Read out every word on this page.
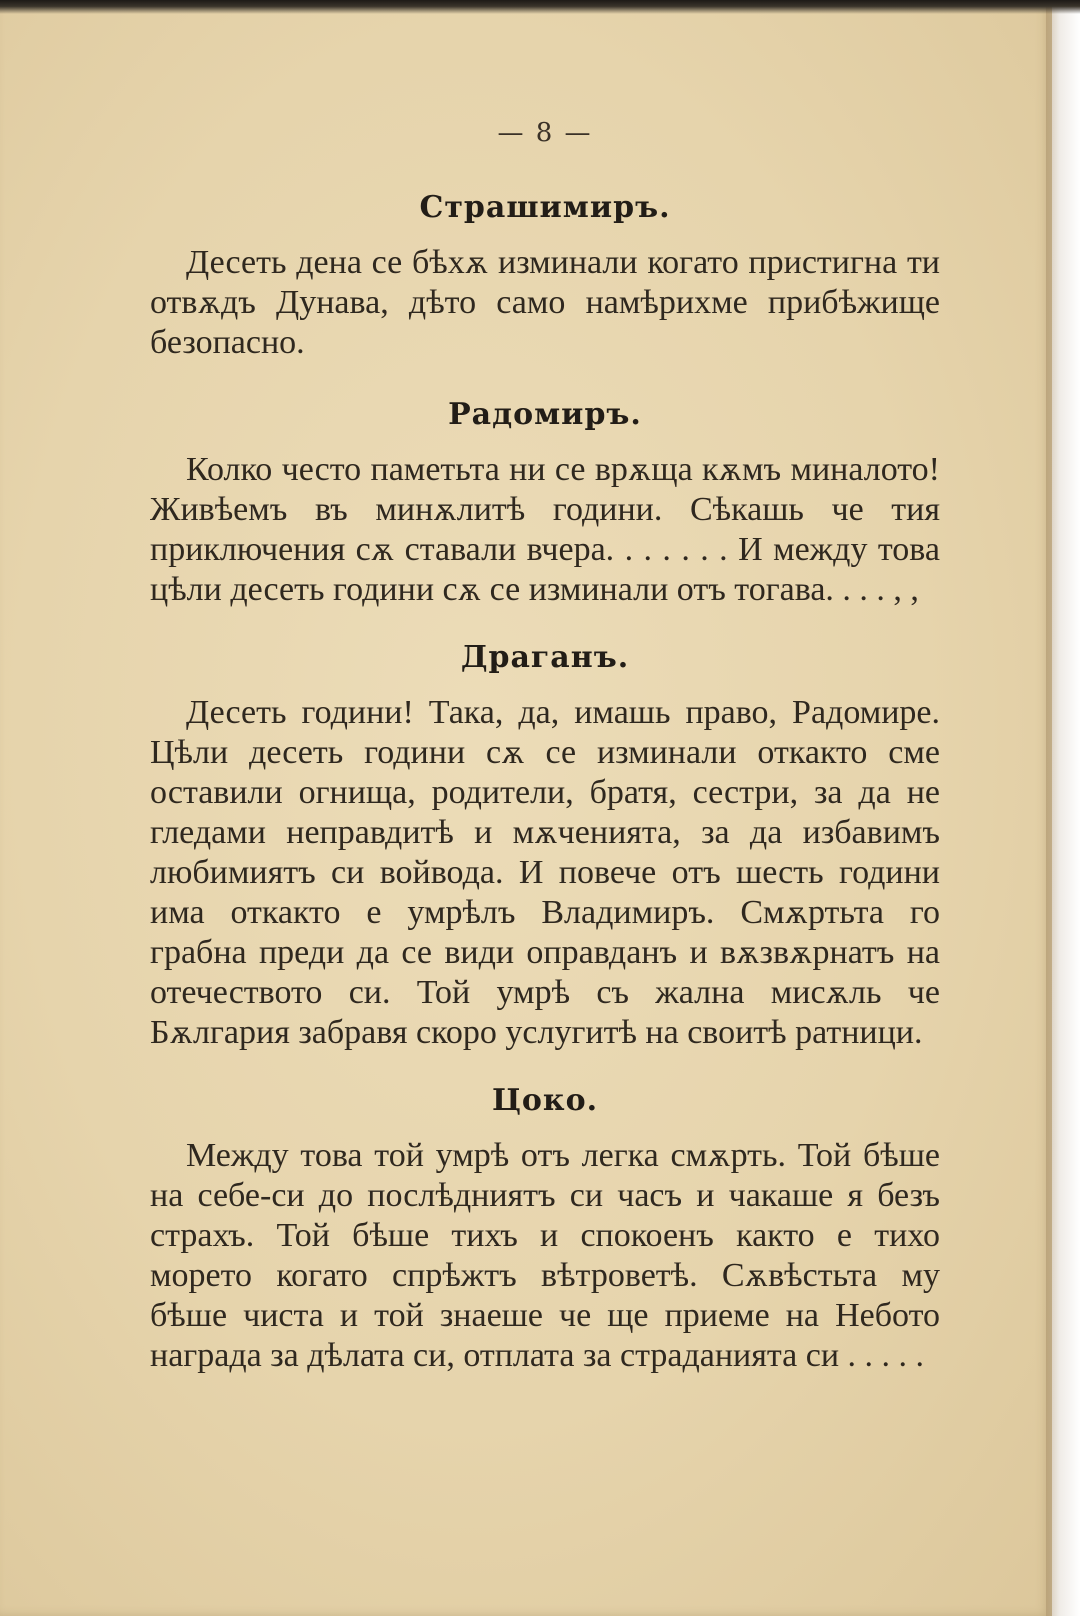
— 8 —
Страшимиръ.

Десеть дена се бѣхѫ изминали когато пристигна ти отвѫдъ Дунава, дѣто само намѣрихме прибѣжище безопасно.

Радомиръ.

Колко често паметьта ни се врѫща кѫмъ миналото! Живѣемъ въ минѫлитѣ години. Сѣкашь че тия приключения сѫ ставали вчера. . . . . . . И между това цѣли десеть години сѫ се изминали отъ тогава. . . . , ,

Драганъ.

Десеть години! Така, да, имашь право, Радомире. Цѣли десеть години сѫ се изминали откакто сме оставили огнища, родители, братя, сестри, за да не гледами неправдитѣ и мѫченията, за да избавимъ любимиятъ си войвода. И повече отъ шесть години има откакто е умрѣлъ Владимиръ. Смѫртьта го грабна преди да се види оправданъ и вѫзвѫрнатъ на отечеството си. Той умрѣ съ жална мисѫль че Бѫлгария забравя скоро услугитѣ на своитѣ ратници.

Цоко.

Между това той умрѣ отъ легка смѫрть. Той бѣше на себе-си до послѣдниятъ си часъ и чакаше я безъ страхъ. Той бѣше тихъ и спокоенъ както е тихо морето когато спрѣжтъ вѣтроветѣ. Сѫвѣстьта му бѣше чиста и той знаеше че ще приеме на Небото награда за дѣлата си, отплата за страданията си . . . . .
